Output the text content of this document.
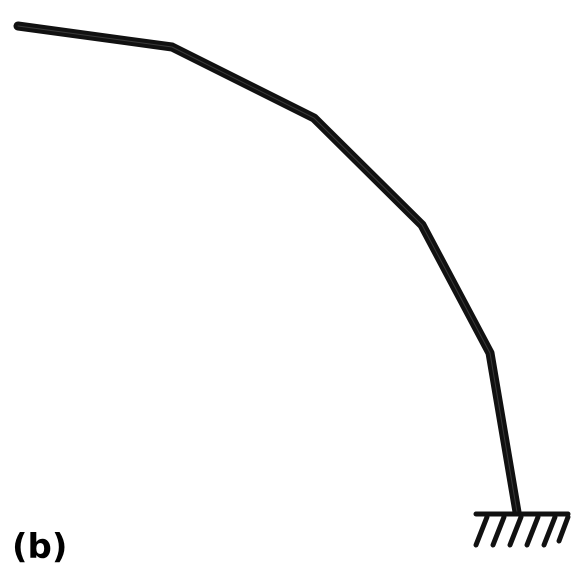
(b)
